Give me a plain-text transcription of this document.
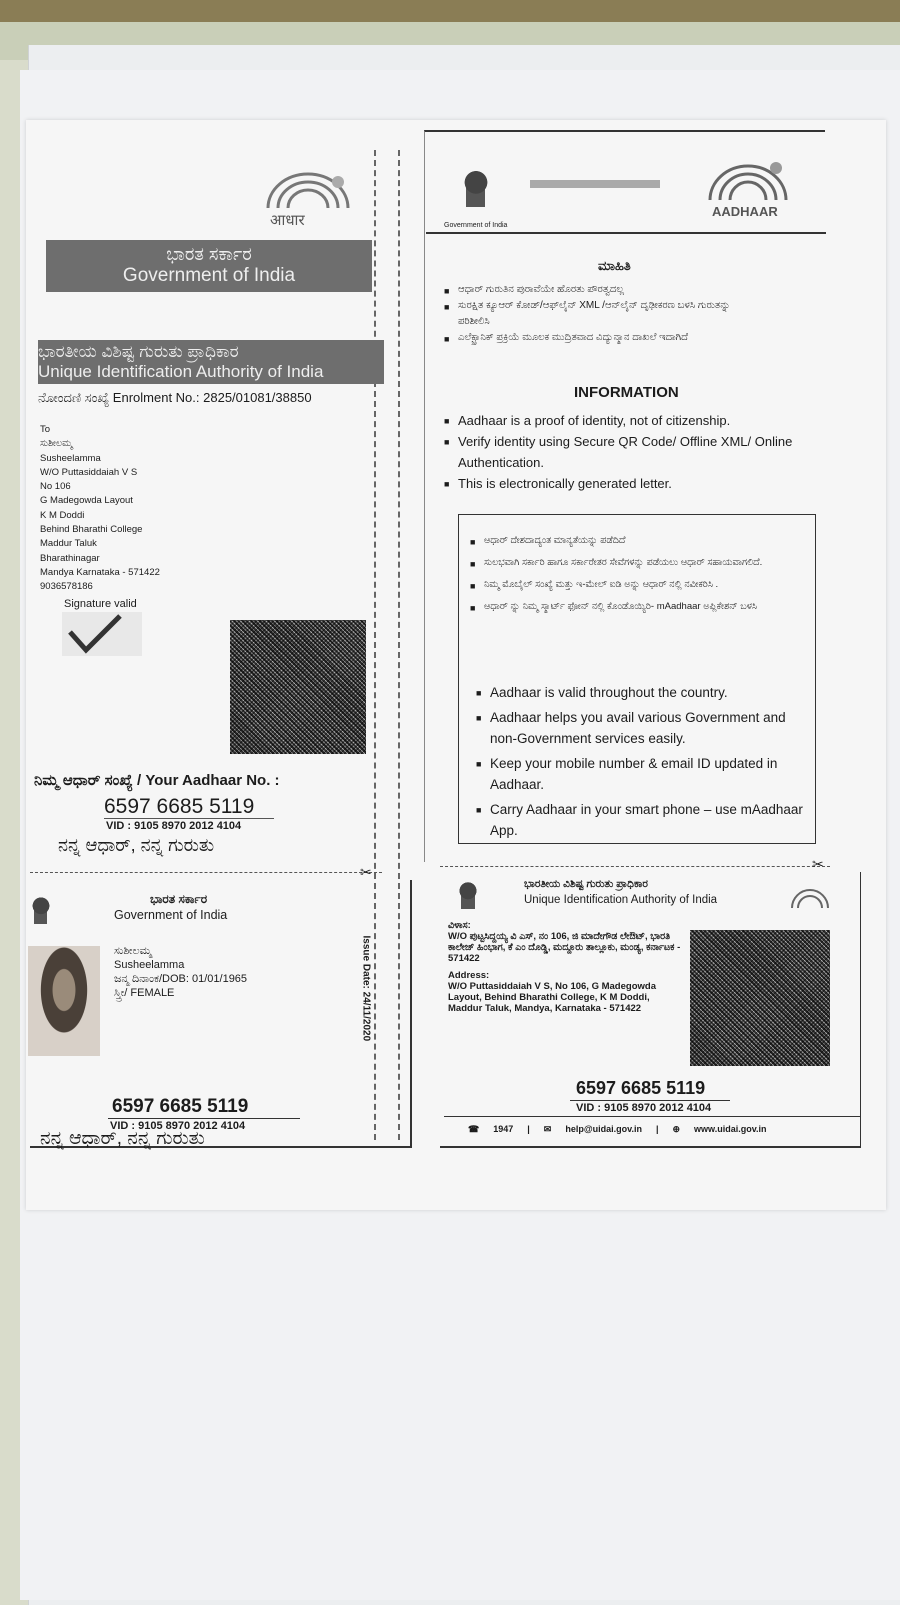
आधार
ಭಾರತ ಸರ್ಕಾರ
Government of India
ಭಾರತೀಯ ವಿಶಿಷ್ಟ ಗುರುತು ಪ್ರಾಧಿಕಾರ
Unique Identification Authority of India
ನೋಂದಣಿ ಸಂಖ್ಯೆ Enrolment No.: 2825/01081/38850
To
ಸುಶೀಲಮ್ಮ
Susheelamma
W/O Puttasiddaiah V S
No 106
G Madegowda Layout
K M Doddi
Behind Bharathi College
Maddur Taluk
Bharathinagar
Mandya Karnataka - 571422
9036578186
Signature valid
ನಿಮ್ಮ ಆಧಾರ್ ಸಂಖ್ಯೆ / Your Aadhaar No. :
6597 6685 5119
VID : 9105 8970 2012 4104
ನನ್ನ ಆಧಾರ್, ನನ್ನ ಗುರುತು
✂
ಭಾರತ ಸರ್ಕಾರ
Government of India
ಸುಶೀಲಮ್ಮ
Susheelamma
ಜನ್ಮ ದಿನಾಂಕ/DOB: 01/01/1965
ಸ್ತ್ರೀ/ FEMALE	Issue Date: 24/11/2020
6597 6685 5119
VID : 9105 8970 2012 4104
ನನ್ನ ಆಧಾರ್, ನನ್ನ ಗುರುತು
Government of India
AADHAAR
ಮಾಹಿತಿ
■ ಆಧಾರ್ ಗುರುತಿನ ಪುರಾವೆಯೇ ಹೊರತು ಪೌರತ್ವದಲ್ಲ
■ ಸುರಕ್ಷಿತ ಕ್ಯೂಆರ್ ಕೋಡ್/ಆಫ್‌ಲೈನ್ XML /ಆನ್‌ಲೈನ್ ದೃಢೀಕರಣ ಬಳಸಿ ಗುರುತನ್ನು ಪರಿಶೀಲಿಸಿ
■ ಎಲೆಕ್ಟ್ರಾನಿಕ್ ಪ್ರಕ್ರಿಯೆ ಮೂಲಕ ಮುದ್ರಿತವಾದ ವಿದ್ಯುನ್ಮಾನ ದಾಖಲೆ ಇದಾಗಿದೆ
INFORMATION
■ Aadhaar is a proof of identity, not of citizenship.
■ Verify identity using Secure QR Code/ Offline XML/ Online Authentication.
■ This is electronically generated letter.
■ ಆಧಾರ್ ದೇಶದಾದ್ಯಂತ ಮಾನ್ಯತೆಯನ್ನು ಪಡೆದಿದೆ
■ ಸುಲಭವಾಗಿ ಸರ್ಕಾರಿ ಹಾಗೂ ಸರ್ಕಾರೇತರ ಸೇವೆಗಳನ್ನು ಪಡೆಯಲು ಆಧಾರ್ ಸಹಾಯವಾಗಲಿದೆ.
■ ನಿಮ್ಮ ಮೊಬೈಲ್ ಸಂಖ್ಯೆ ಮತ್ತು ಇ-ಮೇಲ್ ಐಡಿ ಅನ್ನು ಆಧಾರ್ ನಲ್ಲಿ ನವೀಕರಿಸಿ .
■ ಆಧಾರ್ ನ್ನು ನಿಮ್ಮ ಸ್ಮಾರ್ಟ್ ಫೋನ್ ನಲ್ಲಿ ಕೊಂಡೊಯ್ಯಿರಿ- mAadhaar ಅಪ್ಲಿಕೇಶನ್ ಬಳಸಿ
■ Aadhaar is valid throughout the country.
■ Aadhaar helps you avail various Government and non-Government services easily.
■ Keep your mobile number & email ID updated in Aadhaar.
■ Carry Aadhaar in your smart phone – use mAadhaar App.
✂
ಭಾರತೀಯ ವಿಶಿಷ್ಟ ಗುರುತು ಪ್ರಾಧಿಕಾರ
Unique Identification Authority of India
ವಿಳಾಸ:
W/O ಪುಟ್ಟಸಿದ್ದಯ್ಯ ವಿ ಎಸ್, ನಂ 106, ಜಿ ಮಾದೇಗೌಡ ಲೇಔಟ್, ಭಾರತಿ ಕಾಲೇಜ್ ಹಿಂಭಾಗ, ಕೆ ಎಂ ದೊಡ್ಡಿ, ಮದ್ದೂರು ತಾಲ್ಲೂಕು, ಮಂಡ್ಯ, ಕರ್ನಾಟಕ - 571422
Address:
W/O Puttasiddaiah V S, No 106, G Madegowda Layout, Behind Bharathi College, K M Doddi, Maddur Taluk, Mandya, Karnataka - 571422
6597 6685 5119
VID : 9105 8970 2012 4104
☎ 1947 | ✉ help@uidai.gov.in | ⊕ www.uidai.gov.in
